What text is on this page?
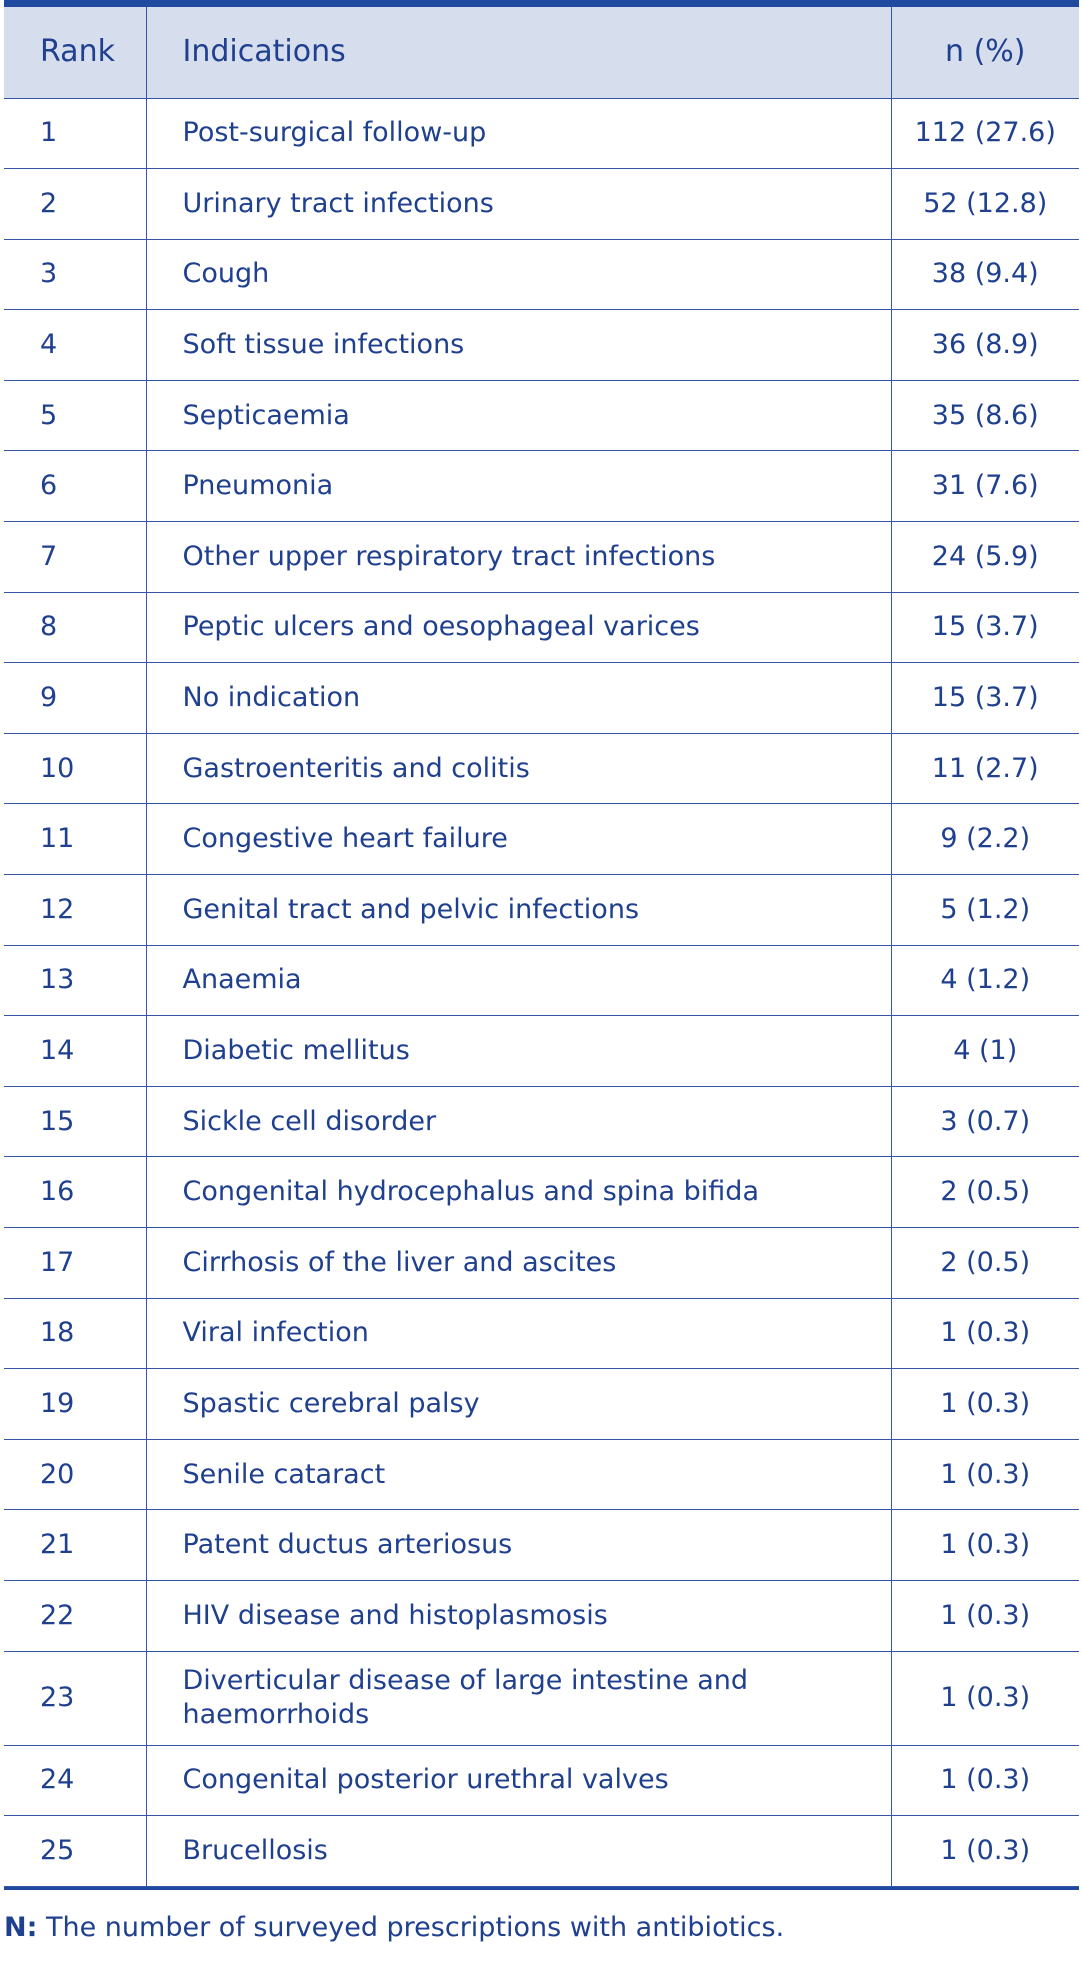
Rank	Indications	n (%)
1	Post-surgical follow-up	112 (27.6)
2	Urinary tract infections	52 (12.8)
3	Cough	38 (9.4)
4	Soft tissue infections	36 (8.9)
5	Septicaemia	35 (8.6)
6	Pneumonia	31 (7.6)
7	Other upper respiratory tract infections	24 (5.9)
8	Peptic ulcers and oesophageal varices	15 (3.7)
9	No indication	15 (3.7)
10	Gastroenteritis and colitis	11 (2.7)
11	Congestive heart failure	9 (2.2)
12	Genital tract and pelvic infections	5 (1.2)
13	Anaemia	4 (1.2)
14	Diabetic mellitus	4 (1)
15	Sickle cell disorder	3 (0.7)
16	Congenital hydrocephalus and spina bifida	2 (0.5)
17	Cirrhosis of the liver and ascites	2 (0.5)
18	Viral infection	1 (0.3)
19	Spastic cerebral palsy	1 (0.3)
20	Senile cataract	1 (0.3)
21	Patent ductus arteriosus	1 (0.3)
22	HIV disease and histoplasmosis	1 (0.3)
23	Diverticular disease of large intestine and haemorrhoids	1 (0.3)
24	Congenital posterior urethral valves	1 (0.3)
25	Brucellosis	1 (0.3)
N: The number of surveyed prescriptions with antibiotics.
